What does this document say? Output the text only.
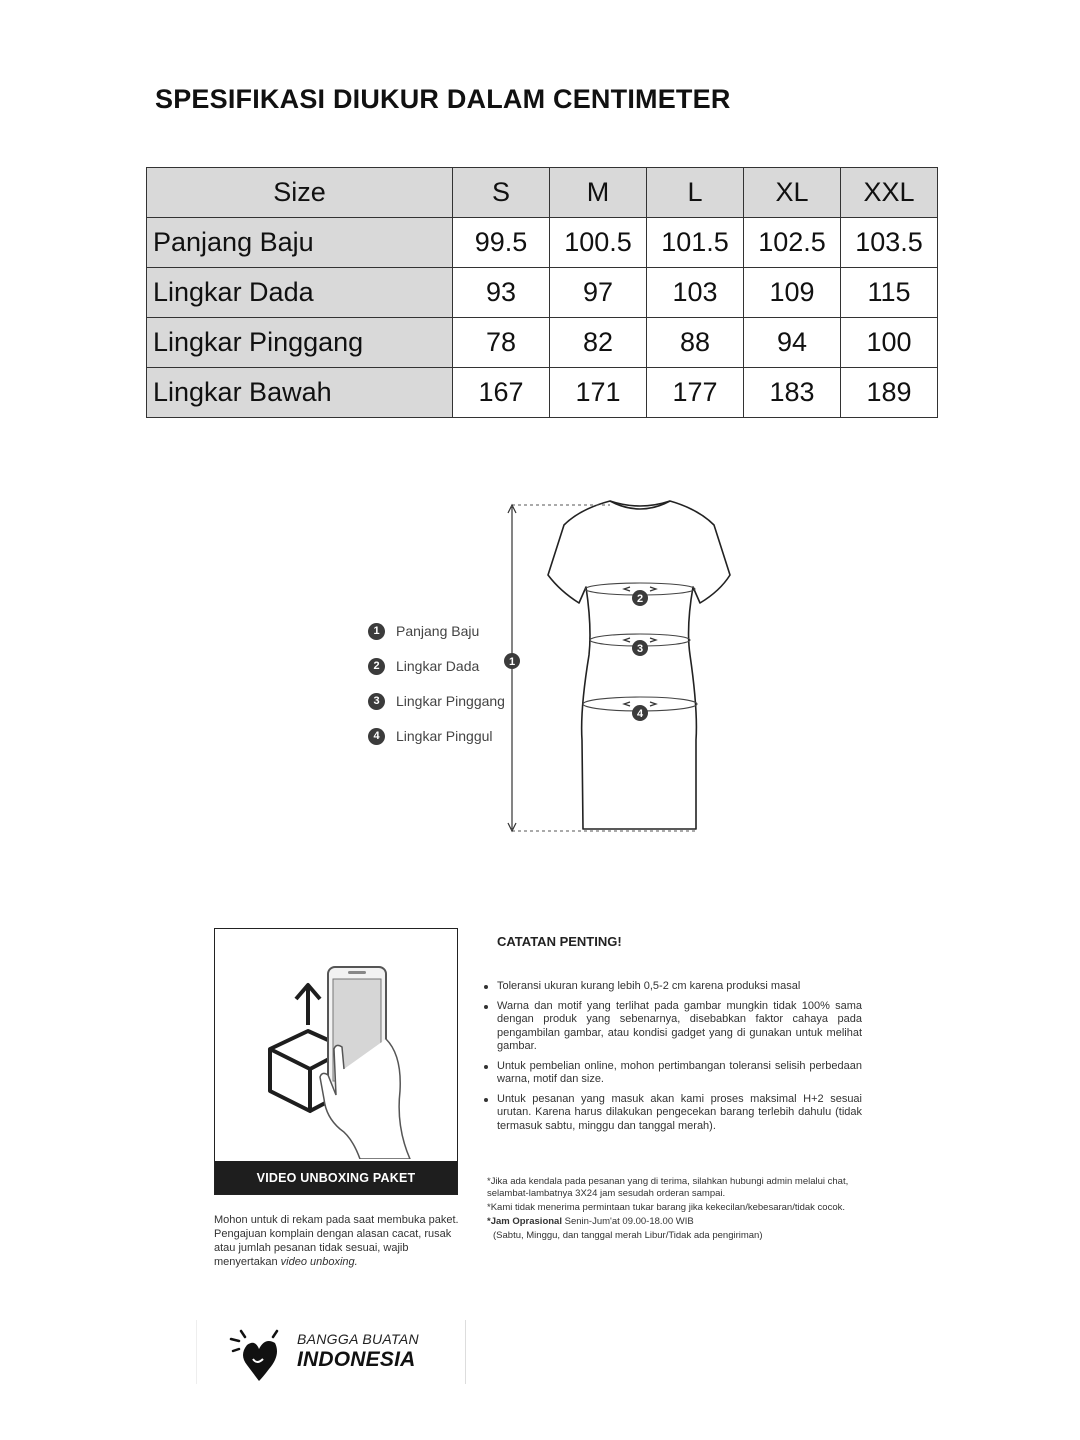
SPESIFIKASI DIUKUR DALAM CENTIMETER
Size	S	M	L	XL	XXL
Panjang Baju	99.5	100.5	101.5	102.5	103.5
Lingkar Dada	93	97	103	109	115
Lingkar Pinggang	78	82	88	94	100
Lingkar Bawah	167	171	177	183	189
1	Panjang Baju
2	Lingkar Dada
3	Lingkar Pinggang
4	Lingkar Pinggul
1
2
3
4
VIDEO UNBOXING PAKET
Mohon untuk di rekam pada saat membuka paket. Pengajuan komplain dengan alasan cacat, rusak atau jumlah pesanan tidak sesuai, wajib menyertakan video unboxing.
CATATAN PENTING!
Toleransi ukuran kurang lebih 0,5-2 cm karena produksi masal
Warna dan motif yang terlihat pada gambar mungkin tidak 100% sama dengan produk yang sebenarnya, disebabkan faktor cahaya pada pengambilan gambar, atau kondisi gadget yang di gunakan untuk melihat gambar.
Untuk pembelian online, mohon pertimbangan toleransi selisih perbedaan warna, motif dan size.
Untuk pesanan yang masuk akan kami proses maksimal H+2 sesuai urutan. Karena harus dilakukan pengecekan barang terlebih dahulu (tidak termasuk sabtu, minggu dan tanggal merah).
*Jika ada kendala pada pesanan yang di terima, silahkan hubungi admin melalui chat, selambat-lambatnya 3X24 jam sesudah orderan sampai.
*Kami tidak menerima permintaan tukar barang jika kekecilan/kebesaran/tidak cocok.
*Jam Oprasional Senin-Jum'at 09.00-18.00 WIB
(Sabtu, Minggu, dan tanggal merah Libur/Tidak ada pengiriman)
BANGGA BUATAN
INDONESIA
